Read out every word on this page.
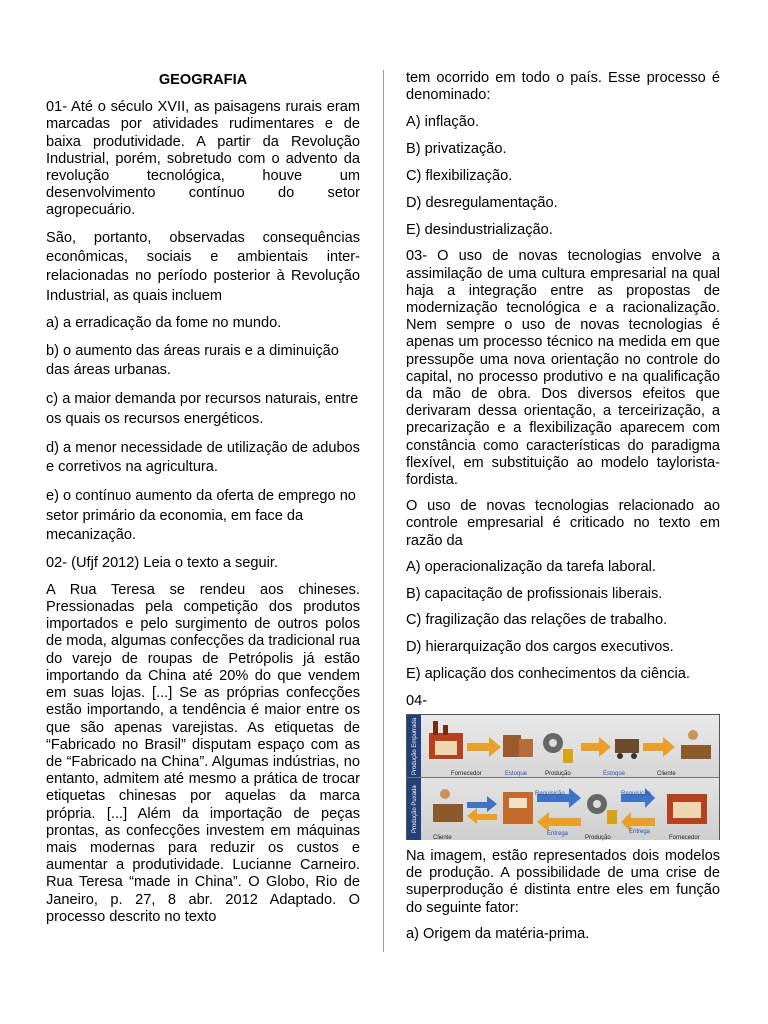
GEOGRAFIA

01- Até o século XVII, as paisagens rurais eram marcadas por atividades rudimentares e de baixa produtividade. A partir da Revolução Industrial, porém, sobretudo com o advento da revolução tecnológica, houve um desenvolvimento contínuo do setor agropecuário.

São, portanto, observadas consequências econômicas, sociais e ambientais inter-relacionadas no período posterior à Revolução Industrial, as quais incluem

a) a erradicação da fome no mundo.
b) o aumento das áreas rurais e a diminuição das áreas urbanas.
c) a maior demanda por recursos naturais, entre os quais os recursos energéticos.
d) a menor necessidade de utilização de adubos e corretivos na agricultura.
e) o contínuo aumento da oferta de emprego no setor primário da economia, em face da mecanização.
02- (Ufjf 2012) Leia o texto a seguir.

A Rua Teresa se rendeu aos chineses. Pressionadas pela competição dos produtos importados e pelo surgimento de outros polos de moda, algumas confecções da tradicional rua do varejo de roupas de Petrópolis já estão importando da China até 20% do que vendem em suas lojas. [...] Se as próprias confecções estão importando, a tendência é maior entre os que são apenas varejistas. As etiquetas de “Fabricado no Brasil” disputam espaço com as de “Fabricado na China”. Algumas indústrias, no entanto, admitem até mesmo a prática de trocar etiquetas chinesas por aquelas da marca própria. [...] Além da importação de peças prontas, as confecções investem em máquinas mais modernas para reduzir os custos e aumentar a produtividade. Lucianne Carneiro. Rua Teresa “made in China”. O Globo, Rio de Janeiro, p. 27, 8 abr. 2012 Adaptado. O processo descrito no texto

tem ocorrido em todo o país. Esse processo é denominado:

A) inflação.
B) privatização.
C) flexibilização.
D) desregulamentação.
E) desindustrialização.

03- O uso de novas tecnologias envolve a assimilação de uma cultura empresarial na qual haja a integração entre as propostas de modernização tecnológica e a racionalização. Nem sempre o uso de novas tecnologias é apenas um processo técnico na medida em que pressupõe uma nova orientação no controle do capital, no processo produtivo e na qualificação da mão de obra. Dos diversos efeitos que derivaram dessa orientação, a terceirização, a precarização e a flexibilização aparecem com constância como características do paradigma flexível, em substituição ao modelo taylorista-fordista.

O uso de novas tecnologias relacionado ao controle empresarial é criticado no texto em razão da

A) operacionalização da tarefa laboral.
B) capacitação de profissionais liberais.
C) fragilização das relações de trabalho.
D) hierarquização dos cargos executivos.
E) aplicação dos conhecimentos da ciência.
04-
Produção Empurrada	Fornecedor	Estoque	Produção	Estoque	Cliente
Produção Puxada
Cliente
Requisição
Entrega
Produção
Requisição
Entrega
Fornecedor

Na imagem, estão representados dois modelos de produção. A possibilidade de uma crise de superprodução é distinta entre eles em função do seguinte fator:

a) Origem da matéria-prima.
